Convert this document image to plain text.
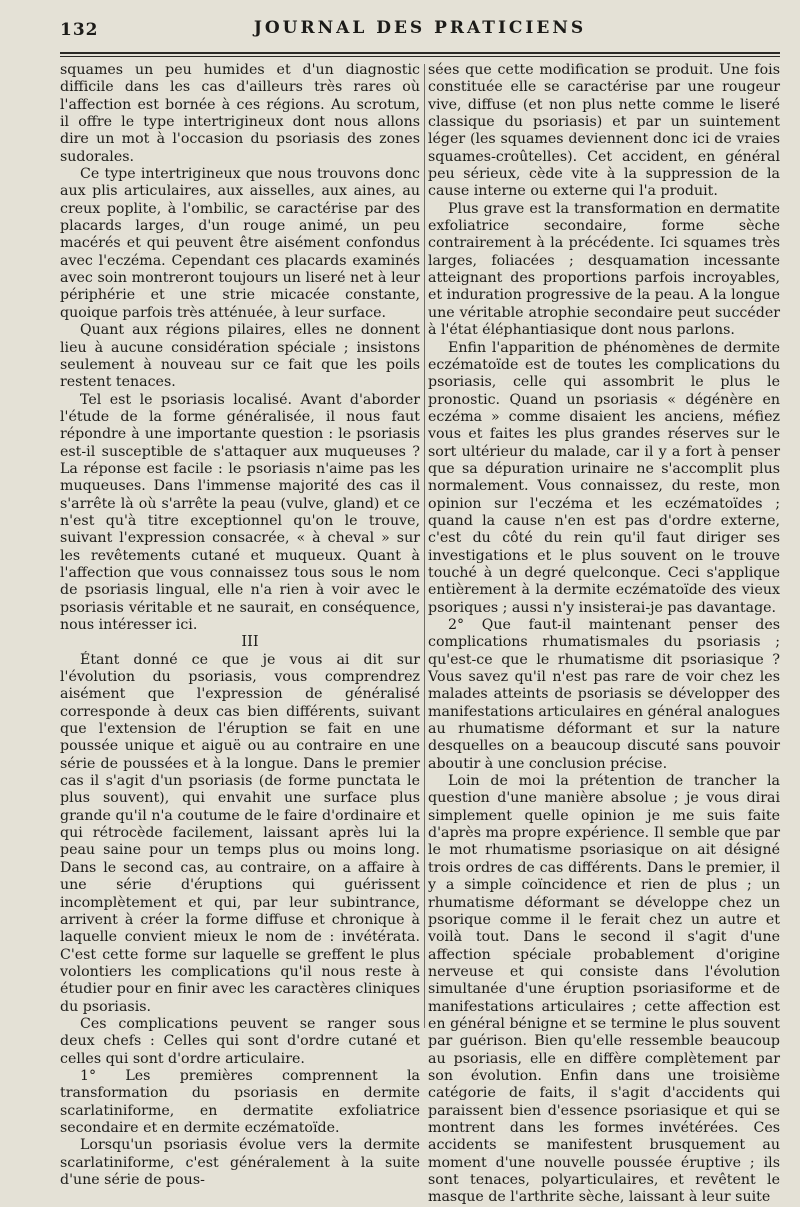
132	JOURNAL DES PRATICIENS

squames un peu humides et d'un diagnostic difficile dans les cas d'ailleurs très rares où l'affection est bornée à ces régions. Au scrotum, il offre le type intertrigineux dont nous allons dire un mot à l'occasion du psoriasis des zones sudorales.

Ce type intertrigineux que nous trouvons donc aux plis articulaires, aux aisselles, aux aines, au creux poplite, à l'ombilic, se caractérise par des placards larges, d'un rouge animé, un peu macérés et qui peuvent être aisément confondus avec l'eczéma. Cependant ces placards examinés avec soin montreront toujours un liseré net à leur périphérie et une strie micacée constante, quoique parfois très atténuée, à leur surface.

Quant aux régions pilaires, elles ne donnent lieu à aucune considération spéciale ; insistons seulement à nouveau sur ce fait que les poils restent tenaces.

Tel est le psoriasis localisé. Avant d'aborder l'étude de la forme généralisée, il nous faut répondre à une importante question : le psoriasis est-il susceptible de s'attaquer aux muqueuses ? La réponse est facile : le psoriasis n'aime pas les muqueuses. Dans l'immense majorité des cas il s'arrête là où s'arrête la peau (vulve, gland) et ce n'est qu'à titre exceptionnel qu'on le trouve, suivant l'expression consacrée, « à cheval » sur les revêtements cutané et muqueux. Quant à l'affection que vous connaissez tous sous le nom de psoriasis lingual, elle n'a rien à voir avec le psoriasis véritable et ne saurait, en conséquence, nous intéresser ici.

III

Étant donné ce que je vous ai dit sur l'évolution du psoriasis, vous comprendrez aisément que l'expression de généralisé corresponde à deux cas bien différents, suivant que l'extension de l'éruption se fait en une poussée unique et aiguë ou au contraire en une série de poussées et à la longue. Dans le premier cas il s'agit d'un psoriasis (de forme punctata le plus souvent), qui envahit une surface plus grande qu'il n'a coutume de le faire d'ordinaire et qui rétrocède facilement, laissant après lui la peau saine pour un temps plus ou moins long. Dans le second cas, au contraire, on a affaire à une série d'éruptions qui guérissent incomplètement et qui, par leur subintrance, arrivent à créer la forme diffuse et chronique à laquelle convient mieux le nom de : invétérata. C'est cette forme sur laquelle se greffent le plus volontiers les complications qu'il nous reste à étudier pour en finir avec les caractères cliniques du psoriasis.

Ces complications peuvent se ranger sous deux chefs : Celles qui sont d'ordre cutané et celles qui sont d'ordre articulaire.

1° Les premières comprennent la transformation du psoriasis en dermite scarlatiniforme, en dermatite exfoliatrice secondaire et en dermite eczématoïde.

Lorsqu'un psoriasis évolue vers la dermite scarlatiniforme, c'est généralement à la suite d'une série de pous-

sées que cette modification se produit. Une fois constituée elle se caractérise par une rougeur vive, diffuse (et non plus nette comme le liseré classique du psoriasis) et par un suintement léger (les squames deviennent donc ici de vraies squames-croûtelles). Cet accident, en général peu sérieux, cède vite à la suppression de la cause interne ou externe qui l'a produit.

Plus grave est la transformation en dermatite exfoliatrice secondaire, forme sèche contrairement à la précédente. Ici squames très larges, foliacées ; desquamation incessante atteignant des proportions parfois incroyables, et induration progressive de la peau. A la longue une véritable atrophie secondaire peut succéder à l'état éléphantiasique dont nous parlons.

Enfin l'apparition de phénomènes de dermite eczématoïde est de toutes les complications du psoriasis, celle qui assombrit le plus le pronostic. Quand un psoriasis « dégénère en eczéma » comme disaient les anciens, méfiez vous et faites les plus grandes réserves sur le sort ultérieur du malade, car il y a fort à penser que sa dépuration urinaire ne s'accomplit plus normalement. Vous connaissez, du reste, mon opinion sur l'eczéma et les eczématoïdes ; quand la cause n'en est pas d'ordre externe, c'est du côté du rein qu'il faut diriger ses investigations et le plus souvent on le trouve touché à un degré quelconque. Ceci s'applique entièrement à la dermite eczématoïde des vieux psoriques ; aussi n'y insisterai-je pas davantage.

2° Que faut-il maintenant penser des complications rhumatismales du psoriasis ; qu'est-ce que le rhumatisme dit psoriasique ? Vous savez qu'il n'est pas rare de voir chez les malades atteints de psoriasis se développer des manifestations articulaires en général analogues au rhumatisme déformant et sur la nature desquelles on a beaucoup discuté sans pouvoir aboutir à une conclusion précise.

Loin de moi la prétention de trancher la question d'une manière absolue ; je vous dirai simplement quelle opinion je me suis faite d'après ma propre expérience. Il semble que par le mot rhumatisme psoriasique on ait désigné trois ordres de cas différents. Dans le premier, il y a simple coïncidence et rien de plus ; un rhumatisme déformant se développe chez un psorique comme il le ferait chez un autre et voilà tout. Dans le second il s'agit d'une affection spéciale probablement d'origine nerveuse et qui consiste dans l'évolution simultanée d'une éruption psoriasiforme et de manifestations articulaires ; cette affection est en général bénigne et se termine le plus souvent par guérison. Bien qu'elle ressemble beaucoup au psoriasis, elle en diffère complètement par son évolution. Enfin dans une troisième catégorie de faits, il s'agit d'accidents qui paraissent bien d'essence psoriasique et qui se montrent dans les formes invétérées. Ces accidents se manifestent brusquement au moment d'une nouvelle poussée éruptive ; ils sont tenaces, polyarticulaires, et revêtent le masque de l'arthrite sèche, laissant à leur suite
